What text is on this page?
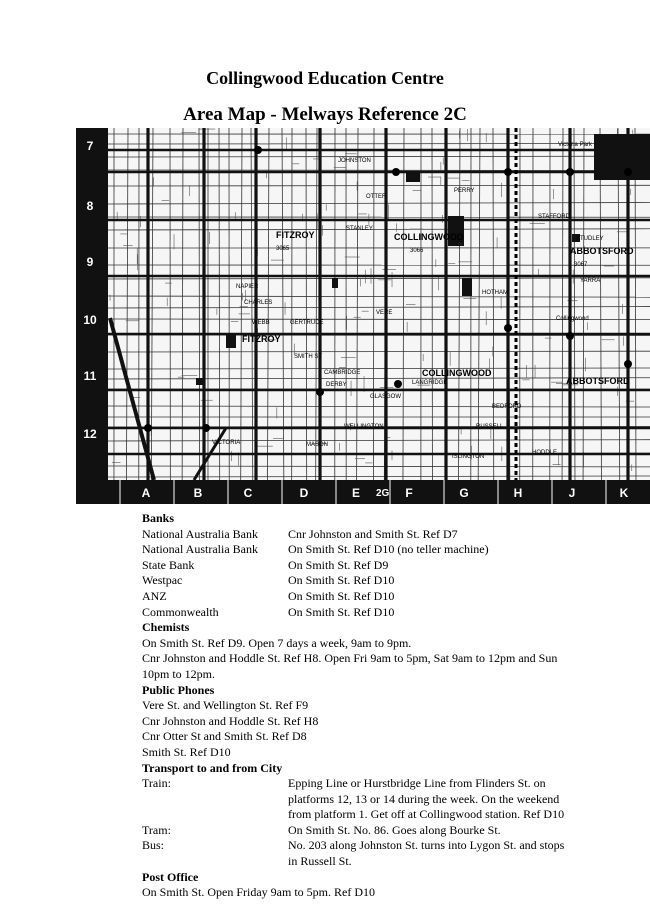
Collingwood Education Centre
Area Map - Melways Reference 2C
JOHNSTON
COLLINGWOOD
3066
FITZROY
3065	ABBOTSFORD
3067
Victoria Park
COLLINGWOOD
FITZROY
ABBOTSFORD
Collingwood
STANLEY
WELLINGTON
GERTRUDE
GLASGOW
DERBY
VICTORIA	MASON
CAMBRIDGE
HODDLE
VERE
NAPIER
OTTER
PERRY
CHARLES
WEBB
STAFFORD
LANGRIDGE
HOTHAM
STUDLEY
YARRA
RUSSELL
BEDFORD
ISLINGTON
SMITH ST
7
8
9
10
11
12
A	B	C	D	E	F	G	H	J	K
2G
Banks
National Australia Bank	Cnr Johnston and Smith St. Ref D7
National Australia Bank	On Smith St. Ref D10 (no teller machine)
State Bank	On Smith St. Ref D9
Westpac	On Smith St. Ref D10
ANZ	On Smith St. Ref D10
Commonwealth	On Smith St. Ref D10
Chemists
On Smith St. Ref D9. Open 7 days a week, 9am to 9pm.
Cnr Johnston and Hoddle St. Ref H8. Open Fri 9am to 5pm, Sat 9am to 12pm and Sun
10pm to 12pm.
Public Phones
Vere St. and Wellington St. Ref F9
Cnr Johnston and Hoddle St. Ref H8
Cnr Otter St and Smith St. Ref D8
Smith St. Ref D10
Transport to and from City
Train:	Epping Line or Hurstbridge Line from Flinders St. on
platforms 12, 13 or 14 during the week. On the weekend
from platform 1. Get off at Collingwood station. Ref D10
Tram:	On Smith St. No. 86. Goes along Bourke St.
Bus:	No. 203 along Johnston St. turns into Lygon St. and stops
in Russell St.
Post Office
On Smith St. Open Friday 9am to 5pm. Ref D10
